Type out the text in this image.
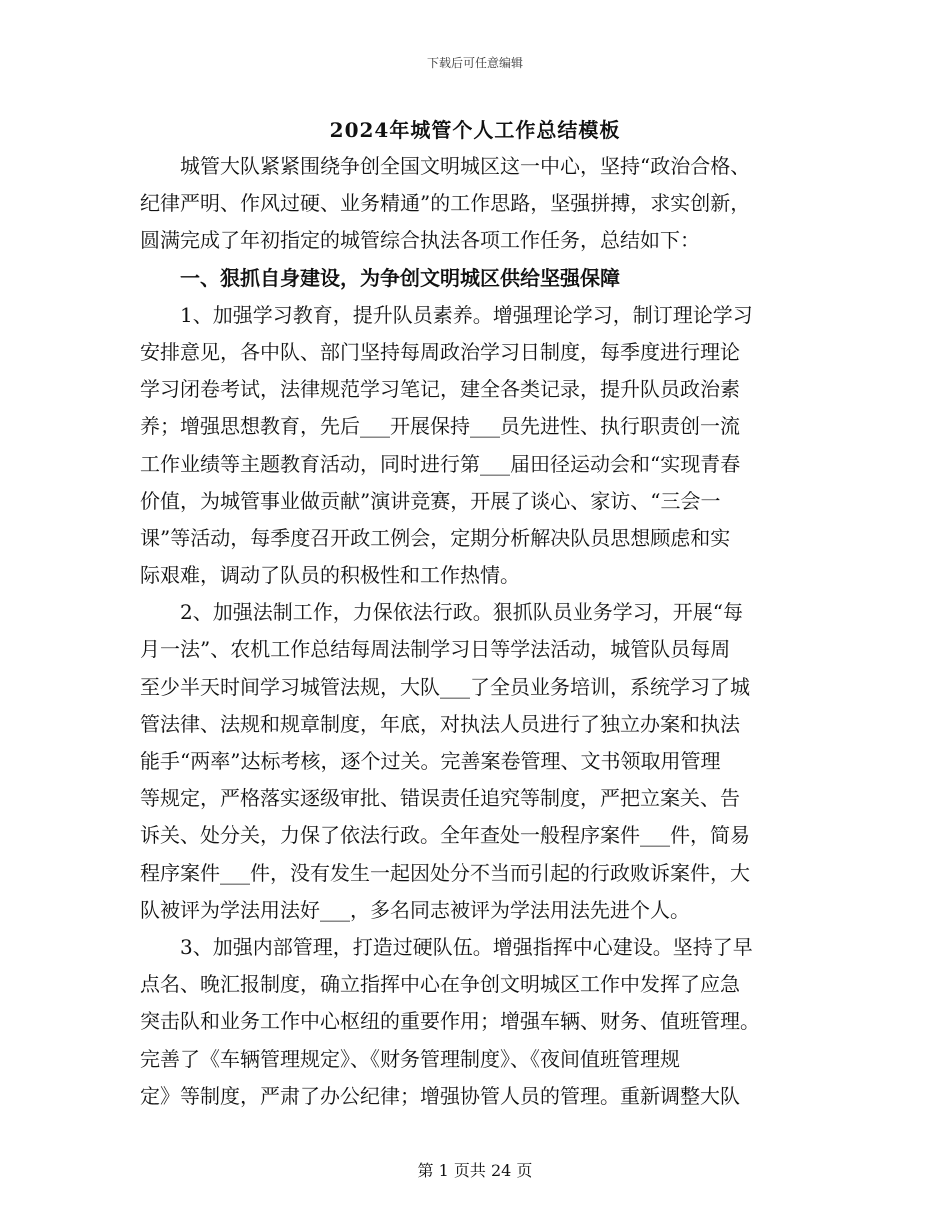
下载后可任意编辑
2024年城管个人工作总结模板
　　城管大队紧紧围绕争创全国文明城区这一中心，坚持“政治合格、
纪律严明、作风过硬、业务精通”的工作思路，坚强拼搏，求实创新，
圆满完成了年初指定的城管综合执法各项工作任务，总结如下：
　　一、狠抓自身建设，为争创文明城区供给坚强保障
　　1、加强学习教育，提升队员素养。增强理论学习，制订理论学习
安排意见，各中队、部门坚持每周政治学习日制度，每季度进行理论
学习闭卷考试，法律规范学习笔记，建全各类记录，提升队员政治素
养；增强思想教育，先后___开展保持___员先进性、执行职责创一流
工作业绩等主题教育活动，同时进行第___届田径运动会和“实现青春
价值，为城管事业做贡献”演讲竞赛，开展了谈心、家访、“三会一
课”等活动，每季度召开政工例会，定期分析解决队员思想顾虑和实
际艰难，调动了队员的积极性和工作热情。
　　2、加强法制工作，力保依法行政。狠抓队员业务学习，开展“每
月一法”、农机工作总结每周法制学习日等学法活动，城管队员每周
至少半天时间学习城管法规，大队___了全员业务培训，系统学习了城
管法律、法规和规章制度，年底，对执法人员进行了独立办案和执法
能手“两率”达标考核，逐个过关。完善案卷管理、文书领取用管理
等规定，严格落实逐级审批、错误责任追究等制度，严把立案关、告
诉关、处分关，力保了依法行政。全年查处一般程序案件___件，简易
程序案件___件，没有发生一起因处分不当而引起的行政败诉案件，大
队被评为学法用法好___，多名同志被评为学法用法先进个人。
　　3、加强内部管理，打造过硬队伍。增强指挥中心建设。坚持了早
点名、晚汇报制度，确立指挥中心在争创文明城区工作中发挥了应急
突击队和业务工作中心枢纽的重要作用；增强车辆、财务、值班管理。
完善了《车辆管理规定》、《财务管理制度》、《夜间值班管理规
定》等制度，严肃了办公纪律；增强协管人员的管理。重新调整大队
第 1 页共 24 页
